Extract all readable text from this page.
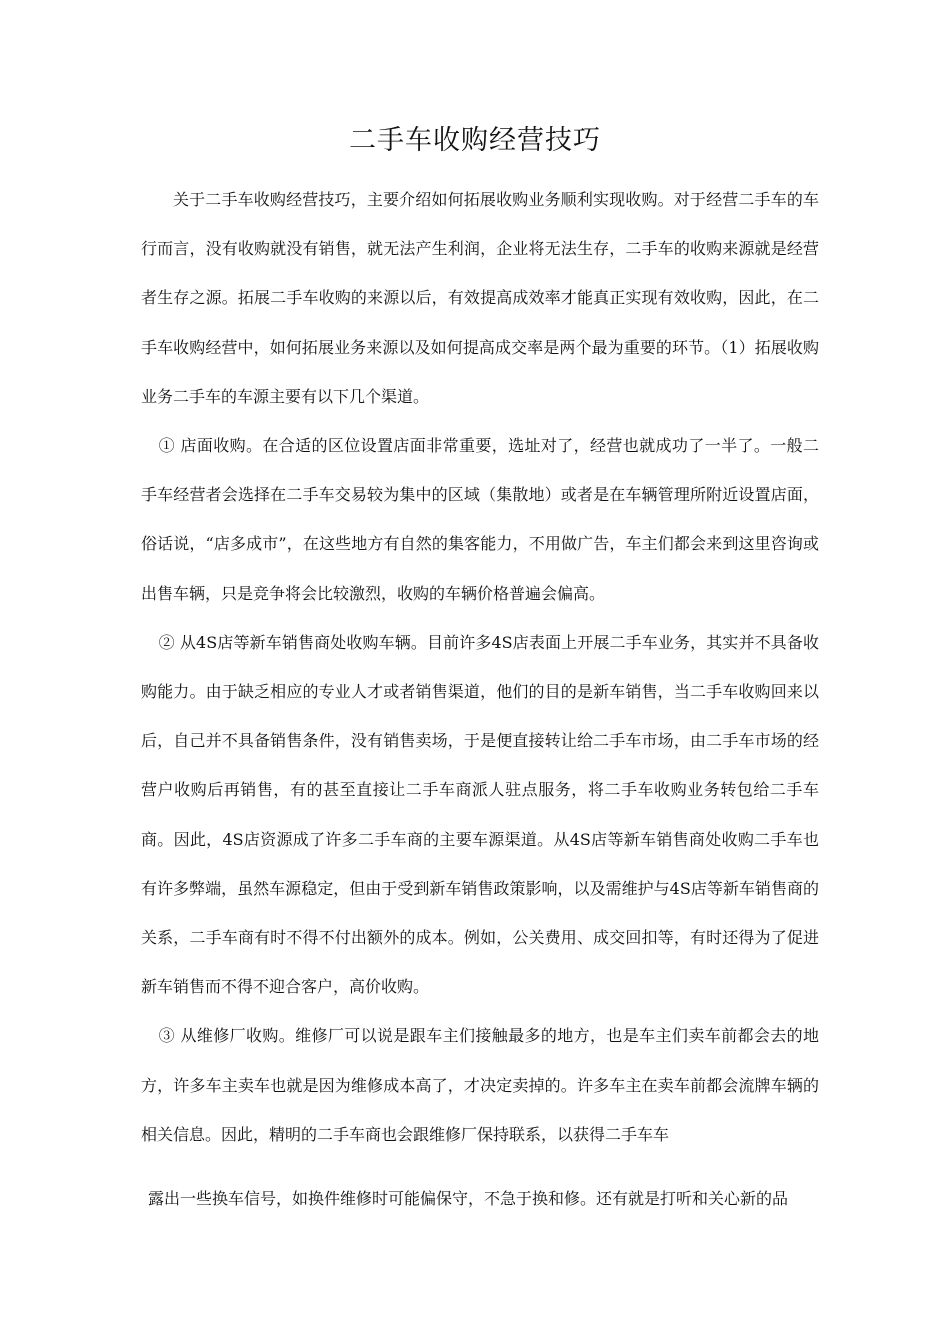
二手车收购经营技巧

关于二手车收购经营技巧，主要介绍如何拓展收购业务顺利实现收购。对于经营二手车的车行而言，没有收购就没有销售，就无法产生利润，企业将无法生存，二手车的收购来源就是经营者生存之源。拓展二手车收购的来源以后，有效提高成效率才能真正实现有效收购，因此，在二手车收购经营中，如何拓展业务来源以及如何提高成交率是两个最为重要的环节。（1）拓展收购业务二手车的车源主要有以下几个渠道。

① 店面收购。在合适的区位设置店面非常重要，选址对了，经营也就成功了一半了。一般二手车经营者会选择在二手车交易较为集中的区域（集散地）或者是在车辆管理所附近设置店面，俗话说，“店多成市”，在这些地方有自然的集客能力，不用做广告，车主们都会来到这里咨询或出售车辆，只是竞争将会比较激烈，收购的车辆价格普遍会偏高。

② 从4S店等新车销售商处收购车辆。目前许多4S店表面上开展二手车业务，其实并不具备收购能力。由于缺乏相应的专业人才或者销售渠道，他们的目的是新车销售，当二手车收购回来以后，自己并不具备销售条件，没有销售卖场，于是便直接转让给二手车市场，由二手车市场的经营户收购后再销售，有的甚至直接让二手车商派人驻点服务，将二手车收购业务转包给二手车商。因此，4S店资源成了许多二手车商的主要车源渠道。从4S店等新车销售商处收购二手车也有许多弊端，虽然车源稳定，但由于受到新车销售政策影响，以及需维护与4S店等新车销售商的关系，二手车商有时不得不付出额外的成本。例如，公关费用、成交回扣等，有时还得为了促进新车销售而不得不迎合客户，高价收购。

③ 从维修厂收购。维修厂可以说是跟车主们接触最多的地方，也是车主们卖车前都会去的地方，许多车主卖车也就是因为维修成本高了，才决定卖掉的。许多车主在卖车前都会流牌车辆的相关信息。因此，精明的二手车商也会跟维修厂保持联系，以获得二手车车

露出一些换车信号，如换件维修时可能偏保守，不急于换和修。还有就是打听和关心新的品
